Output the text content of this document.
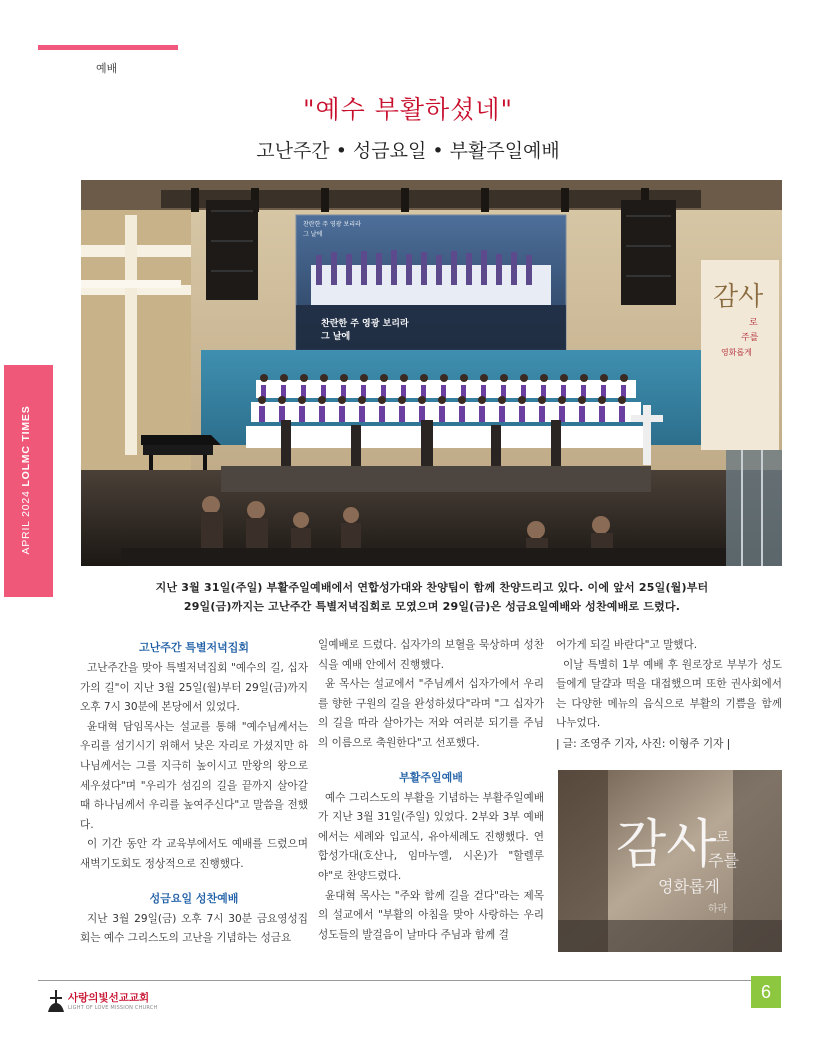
예배
APRIL 2024 LOLMC TIMES
"예수 부활하셨네"
고난주간 • 성금요일 • 부활주일예배
찬란한 주 영광 보리라
그 날에
찬란한 주 영광 보리라
그 날에
감사
로
주를
영화롭게
지난 3월 31일(주일) 부활주일예배에서 연합성가대와 찬양팀이 함께 찬양드리고 있다. 이에 앞서 25일(월)부터
29일(금)까지는 고난주간 특별저녁집회로 모였으며 29일(금)은 성금요일예배와 성찬예배로 드렸다.
고난주간 특별저녁집회

고난주간을 맞아 특별저녁집회 "예수의 길, 십자가의 길"이 지난 3월 25일(월)부터 29일(금)까지 오후 7시 30분에 본당에서 있었다.

윤대혁 담임목사는 설교를 통해 "예수님께서는 우리를 섬기시기 위해서 낮은 자리로 가셨지만 하나님께서는 그를 지극히 높이시고 만왕의 왕으로 세우셨다"며 "우리가 섬김의 길을 끝까지 살아갈 때 하나님께서 우리를 높여주신다"고 말씀을 전했다.

이 기간 동안 각 교육부에서도 예배를 드렸으며 새벽기도회도 정상적으로 진행했다.

성금요일 성찬예배

지난 3월 29일(금) 오후 7시 30분 금요영성집회는 예수 그리스도의 고난을 기념하는 성금요

일예배로 드렸다. 십자가의 보혈을 묵상하며 성찬식을 예배 안에서 진행했다.

윤 목사는 설교에서 "주님께서 십자가에서 우리를 향한 구원의 길을 완성하셨다"라며 "그 십자가의 길을 따라 살아가는 저와 여러분 되기를 주님의 이름으로 축원한다"고 선포했다.

부활주일예배

예수 그리스도의 부활을 기념하는 부활주일예배가 지난 3월 31일(주일) 있었다. 2부와 3부 예배에서는 세례와 입교식, 유아세례도 진행했다. 연합성가대(호산나, 임마누엘, 시온)가 "할렐루야"로 찬양드렸다.

윤대혁 목사는 "주와 함께 길을 걷다"라는 제목의 설교에서 "부활의 아침을 맞아 사랑하는 우리 성도들의 발걸음이 날마다 주님과 함께 걸

어가게 되길 바란다"고 말했다.

이날 특별히 1부 예배 후 원로장로 부부가 성도들에게 달걀과 떡을 대접했으며 또한 권사회에서는 다양한 메뉴의 음식으로 부활의 기쁨을 함께 나누었다.

| 글: 조영주 기자, 사진: 이형주 기자 |

감사 로
주를
영화롭게
하라
사랑의빛선교교회
LIGHT OF LOVE MISSION CHURCH
6
